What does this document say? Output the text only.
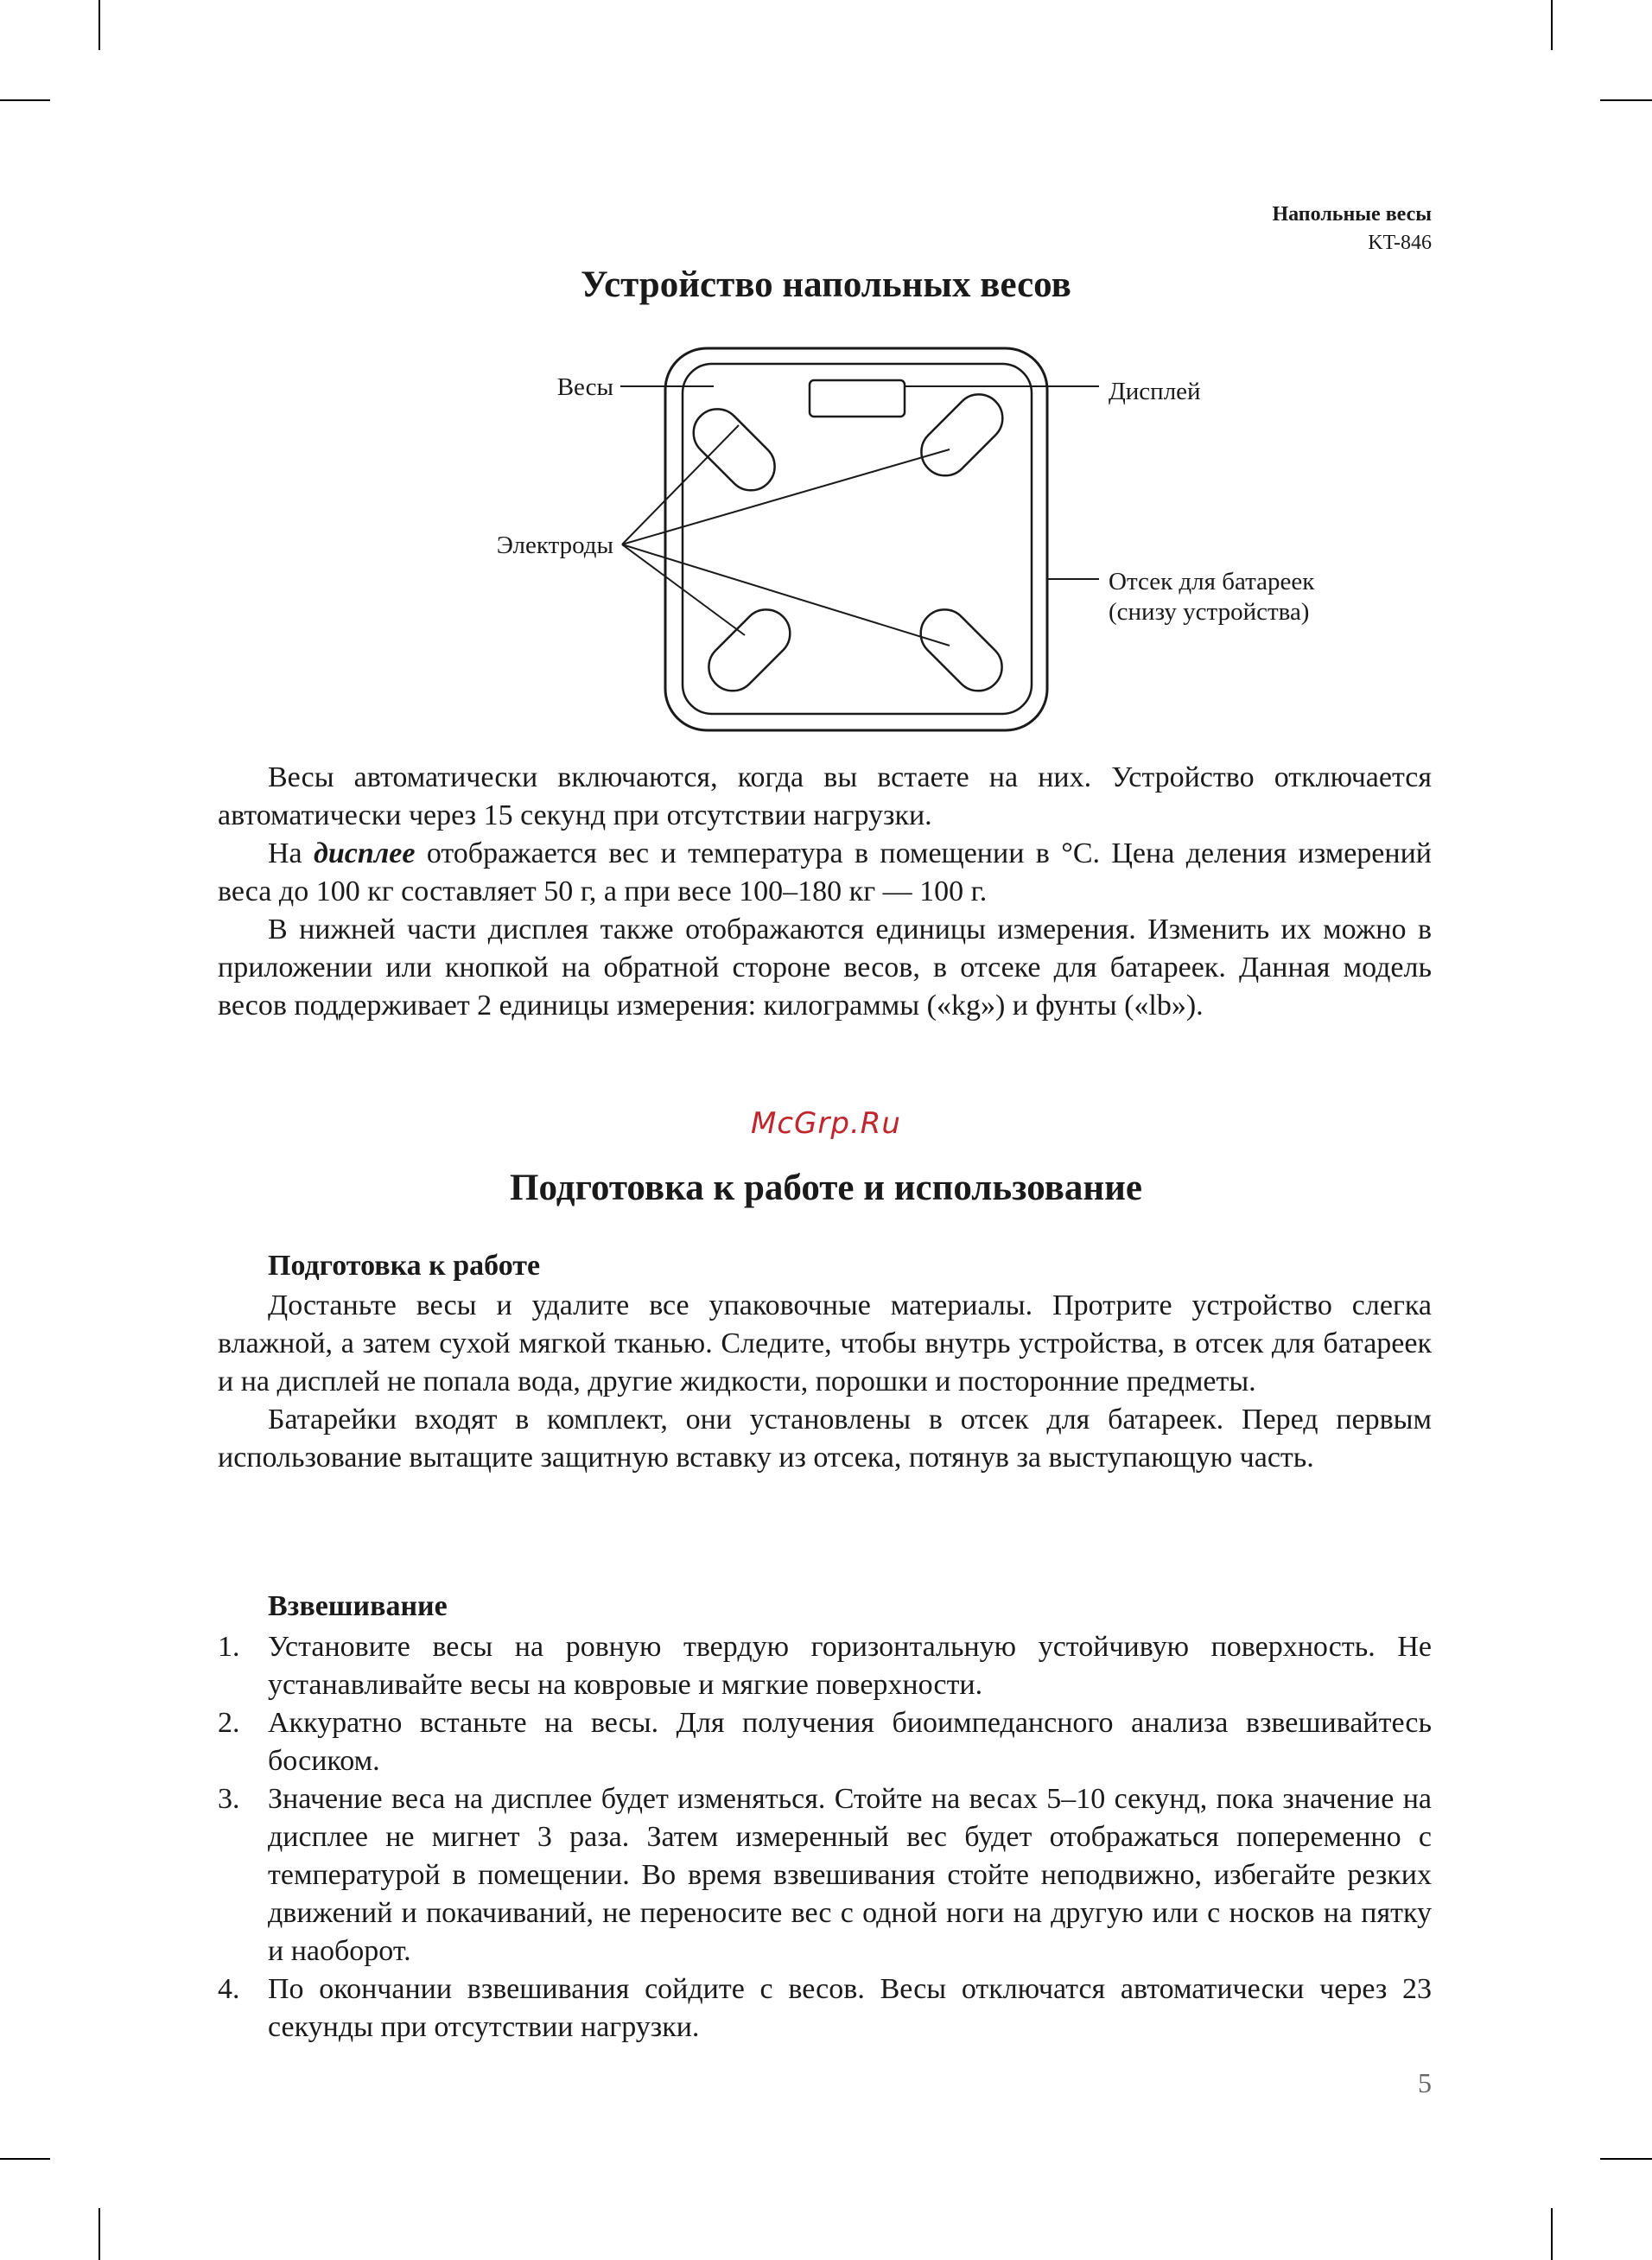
Напольные весы
KT-846
Устройство напольных весов
Весы	Дисплей
Электроды
Отсек для батареек
(снизу устройства)
Весы автоматически включаются, когда вы встаете на них. Устройство отключается автоматически через 15 секунд при отсутствии нагрузки.
На дисплее отображается вес и температура в помещении в °C. Цена деления измерений веса до 100 кг составляет 50 г, а при весе 100–180 кг — 100 г.
В нижней части дисплея также отображаются единицы измерения. Изменить их можно в приложении или кнопкой на обратной стороне весов, в отсеке для батареек. Данная модель весов поддерживает 2 единицы измерения: килограммы («kg») и фунты («lb»).
McGrp.Ru
Подготовка к работе и использование
Подготовка к работе
Достаньте весы и удалите все упаковочные материалы. Протрите устройство слегка влажной, а затем сухой мягкой тканью. Следите, чтобы внутрь устройства, в отсек для батареек и на дисплей не попала вода, другие жидкости, порошки и посторонние предметы.
Батарейки входят в комплект, они установлены в отсек для батареек. Перед первым использование вытащите защитную вставку из отсека, потянув за выступающую часть.
Взвешивание
1. Установите весы на ровную твердую горизонтальную устойчивую поверхность. Не устанавливайте весы на ковровые и мягкие поверхности.
2. Аккуратно встаньте на весы. Для получения биоимпедансного анализа взвешивайтесь босиком.
3. Значение веса на дисплее будет изменяться. Стойте на весах 5–10 секунд, пока значение на дисплее не мигнет 3 раза. Затем измеренный вес будет отображаться попеременно с температурой в помещении. Во время взвешивания стойте неподвижно, избегайте резких движений и покачиваний, не переносите вес с одной ноги на другую или с носков на пятку и наоборот.
4. По окончании взвешивания сойдите с весов. Весы отключатся автоматически через 23 секунды при отсутствии нагрузки.
5
